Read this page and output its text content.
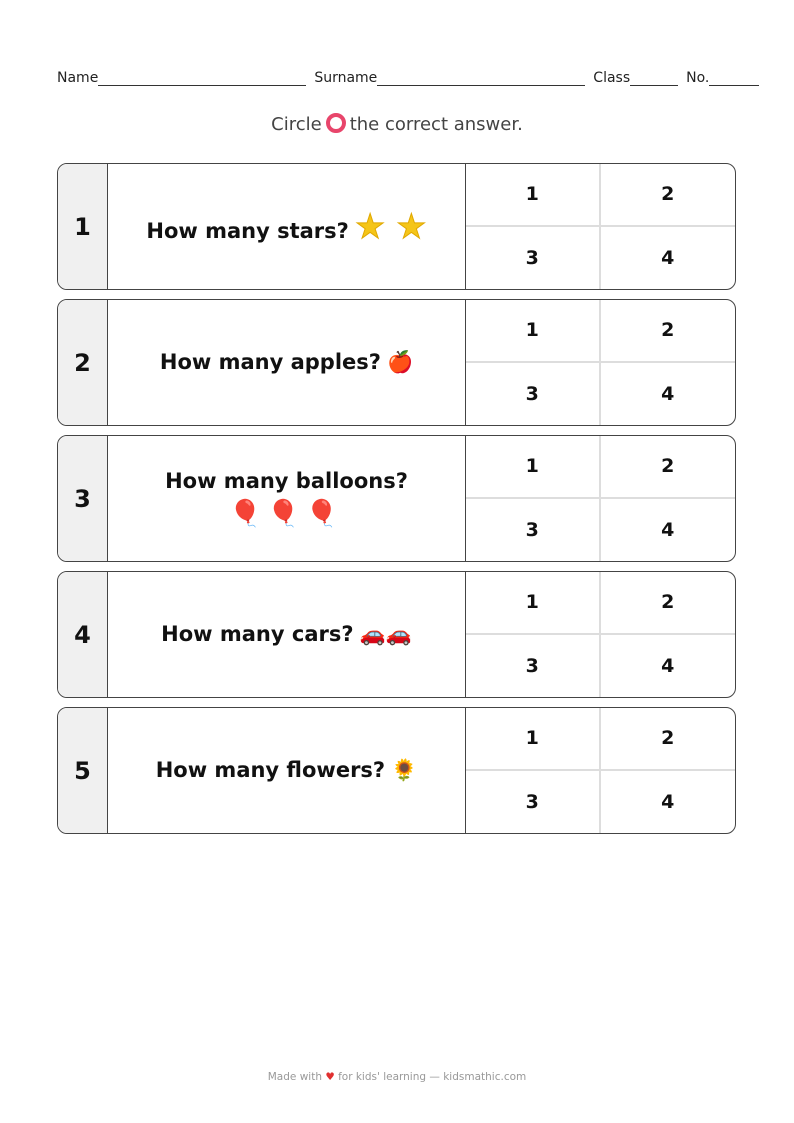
Name	Surname	Class	No.
Circle the correct answer.
1	How many stars? ★ ★
1	2
3	4
2	How many apples? 🍎
1	2
3	4
3
How many balloons?
🎈🎈🎈
1	2
3	4
4	How many cars? 🚗🚗
1	2
3	4
5	How many flowers? 🌻
1	2
3	4
Made with ♥ for kids' learning — kidsmathic.com
